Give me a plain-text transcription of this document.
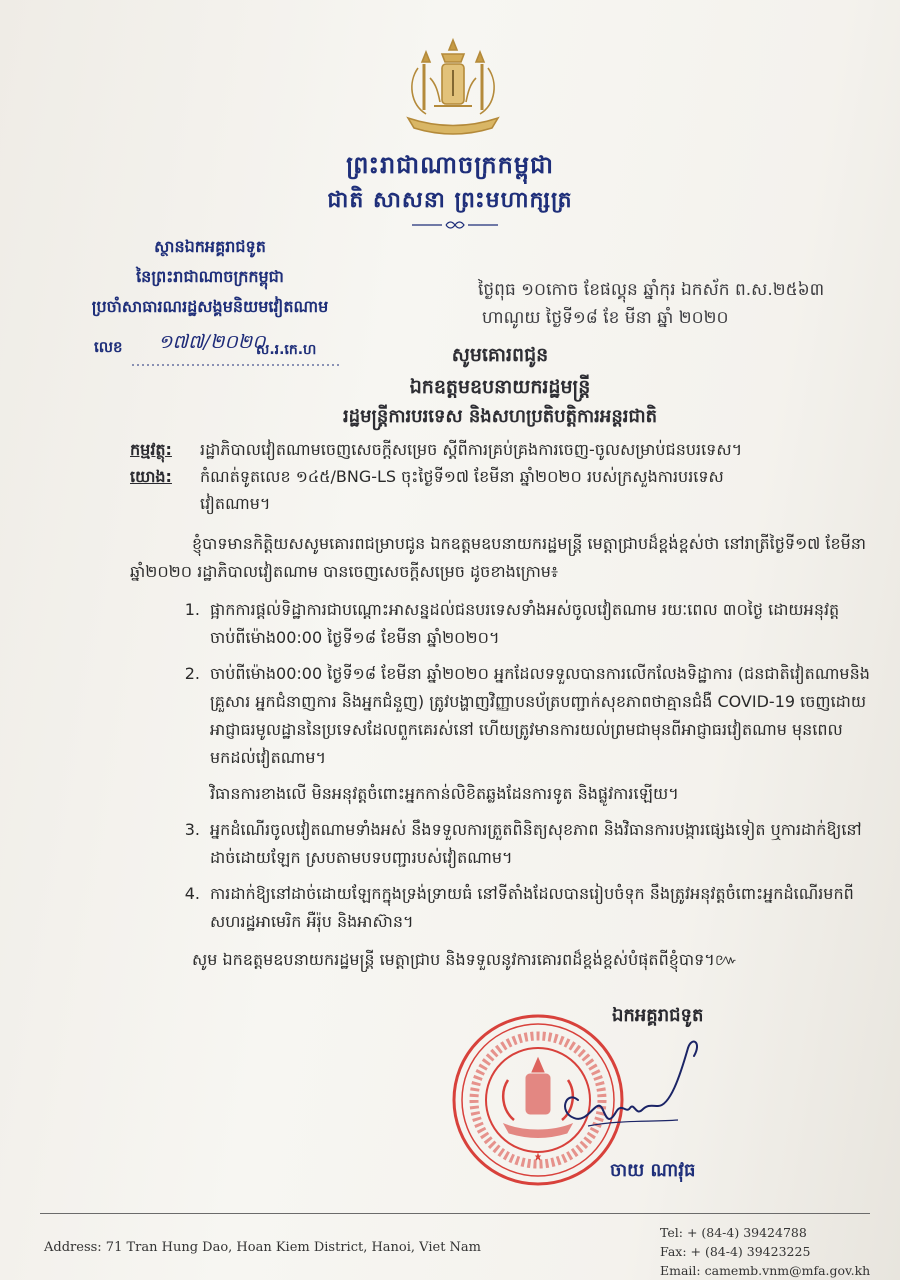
ព្រះរាជាណាចក្រកម្ពុជា
ជាតិ សាសនា ព្រះមហាក្សត្រ
ស្ថានឯកអគ្គរាជទូត
នៃព្រះរាជាណាចក្រកម្ពុជា
ប្រចាំសាធារណរដ្ឋសង្គមនិយមវៀតណាម
ថ្ងៃពុធ ១០កោច ខែផល្គុន ឆ្នាំកុរ ឯកស័ក ព.ស.២៥៦៣
ហាណូយ ថ្ងៃទី១៨ ខែ មីនា ឆ្នាំ ២០២០
លេខ ១៧៧/២០២០
ស.រ.កេ.ហ	សូមគោរពជូន
ឯកឧត្តមឧបនាយករដ្ឋមន្ត្រី
រដ្ឋមន្ត្រីការបរទេស និងសហប្រតិបត្តិការអន្តរជាតិ
កម្មវត្ថុ:	រដ្ឋាភិបាលវៀតណាមចេញសេចក្តីសម្រេច ស្តីពីការគ្រប់គ្រងការចេញ-ចូលសម្រាប់ជនបរទេស។
យោង:	កំណត់ទូតលេខ ១៤៥/BNG-LS ចុះថ្ងៃទី១៧ ខែមីនា ឆ្នាំ២០២០ របស់ក្រសួងការបរទេស
វៀតណាម។
ខ្ញុំបាទមានកិត្តិយសសូមគោរពជម្រាបជូន ឯកឧត្តមឧបនាយករដ្ឋមន្ត្រី មេត្តាជ្រាបដ៏ខ្ពង់ខ្ពស់ថា នៅរាត្រីថ្ងៃទី១៧ ខែមីនា ឆ្នាំ២០២០ រដ្ឋាភិបាលវៀតណាម បានចេញសេចក្តីសម្រេច ដូចខាងក្រោម៖
1. ផ្អាកការផ្តល់ទិដ្ឋាការជាបណ្តោះអាសន្នដល់ជនបរទេសទាំងអស់ចូលវៀតណាម រយៈពេល ៣០ថ្ងៃ ដោយអនុវត្តចាប់ពីម៉ោង00:00 ថ្ងៃទី១៨ ខែមីនា ឆ្នាំ២០២០។
2. ចាប់ពីម៉ោង00:00 ថ្ងៃទី១៨ ខែមីនា ឆ្នាំ២០២០ អ្នកដែលទទួលបានការលើកលែងទិដ្ឋាការ (ជនជាតិវៀតណាមនិងគ្រួសារ អ្នកជំនាញការ និងអ្នកជំនួញ) ត្រូវបង្ហាញវិញ្ញាបនប័ត្របញ្ជាក់សុខភាពថាគ្មានជំងឺ COVID-19 ចេញដោយអាជ្ញាធរមូលដ្ឋាននៃប្រទេសដែលពួកគេរស់នៅ ហើយត្រូវមានការយល់ព្រមជាមុនពីអាជ្ញាធរវៀតណាម មុនពេលមកដល់វៀតណាម។
វិធានការខាងលើ មិនអនុវត្តចំពោះអ្នកកាន់លិខិតឆ្លងដែនការទូត និងផ្លូវការឡើយ។
3. អ្នកដំណើរចូលវៀតណាមទាំងអស់ នឹងទទួលការត្រួតពិនិត្យសុខភាព និងវិធានការបង្ការផ្សេងទៀត ឬការដាក់ឱ្យនៅដាច់ដោយឡែក ស្របតាមបទបញ្ជារបស់វៀតណាម។
4. ការដាក់ឱ្យនៅដាច់ដោយឡែកក្នុងទ្រង់ទ្រាយធំ នៅទីតាំងដែលបានរៀបចំទុក នឹងត្រូវអនុវត្តចំពោះអ្នកដំណើរមកពីសហរដ្ឋអាមេរិក អឺរ៉ុប និងអាស៊ាន។
សូម ឯកឧត្តមឧបនាយករដ្ឋមន្ត្រី មេត្តាជ្រាប និងទទួលនូវការគោរពដ៏ខ្ពង់ខ្ពស់បំផុតពីខ្ញុំបាទ។៚
ឯកអគ្គរាជទូត
ចាយ ណាវុធ
Address: 71 Tran Hung Dao, Hoan Kiem District, Hanoi, Viet Nam
Tel: + (84-4) 39424788
Fax: + (84-4) 39423225
Email: camemb.vnm@mfa.gov.kh
